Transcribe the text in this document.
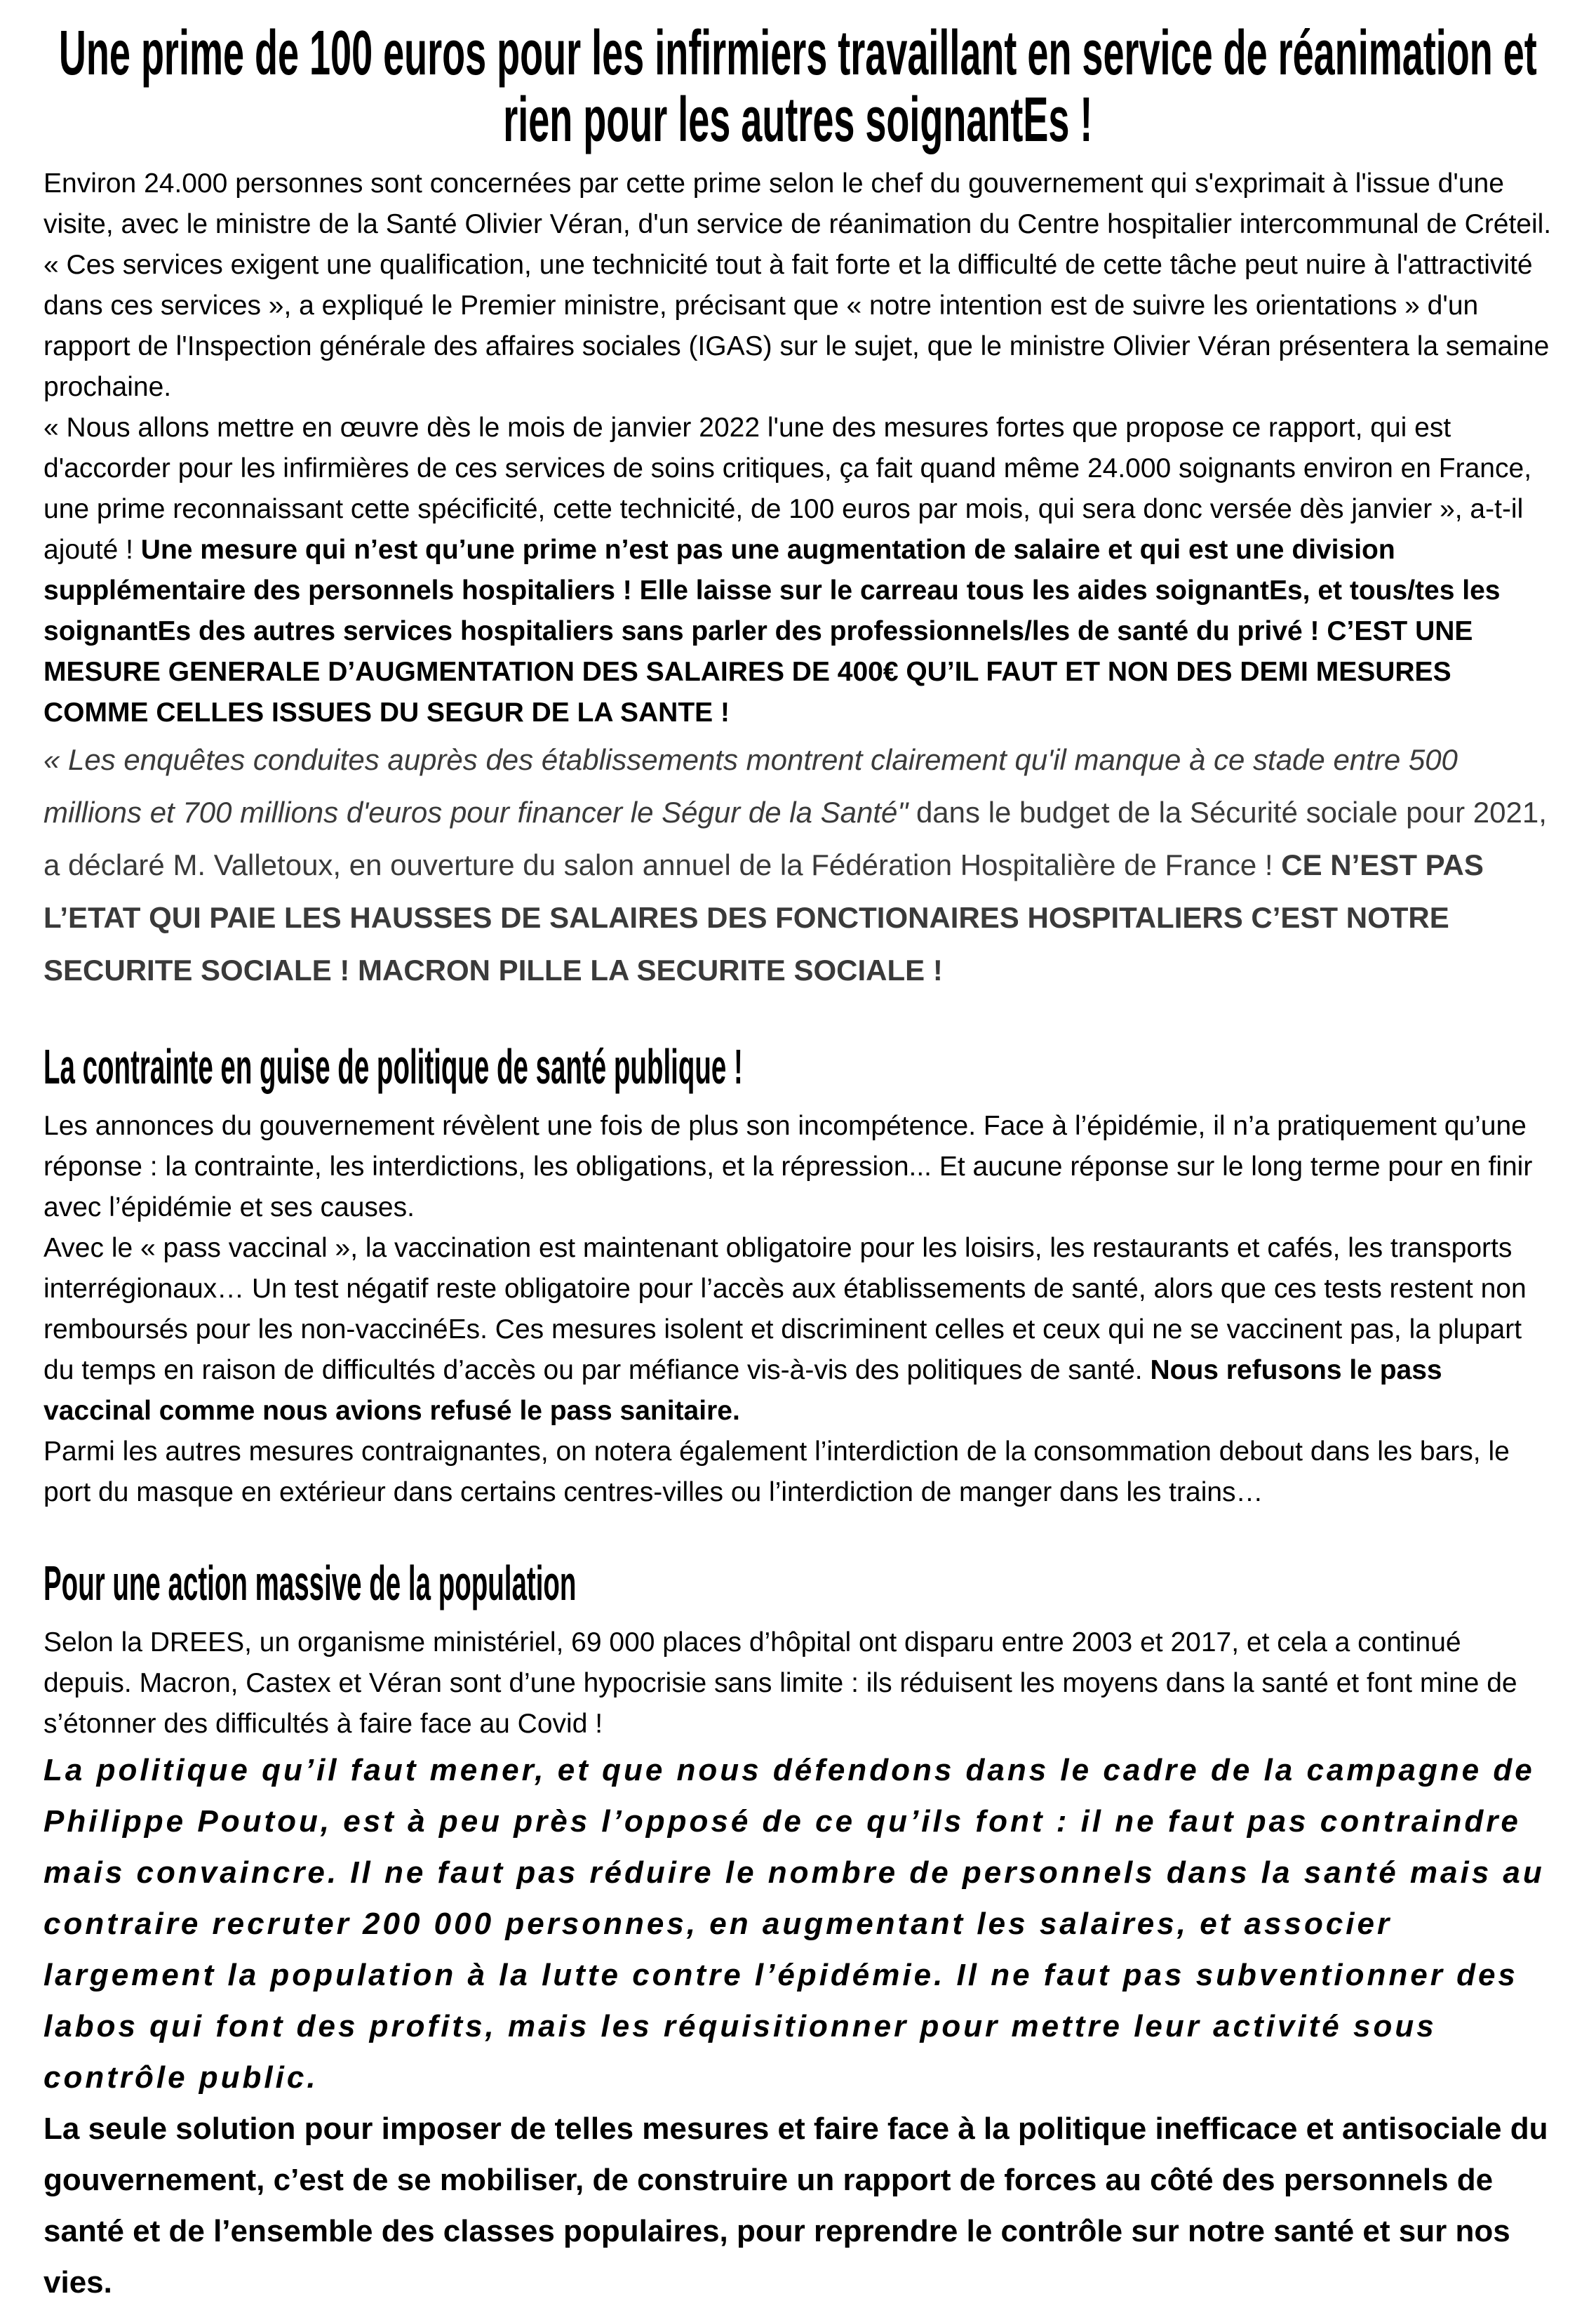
Une prime de 100 euros pour les infirmiers travaillant en service de réanimation et rien pour les autres soignantEs !

Environ 24.000 personnes sont concernées par cette prime selon le chef du gouvernement qui s'exprimait à l'issue d'une visite, avec le ministre de la Santé Olivier Véran, d'un service de réanimation du Centre hospitalier intercommunal de Créteil.

« Ces services exigent une qualification, une technicité tout à fait forte et la difficulté de cette tâche peut nuire à l'attractivité dans ces services », a expliqué le Premier ministre, précisant que « notre intention est de suivre les orientations » d'un rapport de l'Inspection générale des affaires sociales (IGAS) sur le sujet, que le ministre Olivier Véran présentera la semaine prochaine.

« Nous allons mettre en œuvre dès le mois de janvier 2022 l'une des mesures fortes que propose ce rapport, qui est d'accorder pour les infirmières de ces services de soins critiques, ça fait quand même 24.000 soignants environ en France, une prime reconnaissant cette spécificité, cette technicité, de 100 euros par mois, qui sera donc versée dès janvier », a-t-il ajouté ! Une mesure qui n’est qu’une prime n’est pas une augmentation de salaire et qui est une division supplémentaire des personnels hospitaliers ! Elle laisse sur le carreau tous les aides soignantEs, et tous/tes les soignantEs des autres services hospitaliers sans parler des professionnels/les de santé du privé ! C’EST UNE MESURE GENERALE D’AUGMENTATION DES SALAIRES DE 400€ QU’IL FAUT ET NON DES DEMI MESURES COMME CELLES ISSUES DU SEGUR DE LA SANTE !

« Les enquêtes conduites auprès des établissements montrent clairement qu'il manque à ce stade entre 500 millions et 700 millions d'euros pour financer le Ségur de la Santé" dans le budget de la Sécurité sociale pour 2021, a déclaré M. Valletoux, en ouverture du salon annuel de la Fédération Hospitalière de France ! CE N’EST PAS L’ETAT QUI PAIE LES HAUSSES DE SALAIRES DES FONCTIONAIRES HOSPITALIERS C’EST NOTRE SECURITE SOCIALE ! MACRON PILLE LA SECURITE SOCIALE !

La contrainte en guise de politique de santé publique !

Les annonces du gouvernement révèlent une fois de plus son incompétence. Face à l’épidémie, il n’a pratiquement qu’une réponse : la contrainte, les interdictions, les obligations, et la répression... Et aucune réponse sur le long terme pour en finir avec l’épidémie et ses causes.

Avec le « pass vaccinal », la vaccination est maintenant obligatoire pour les loisirs, les restaurants et cafés, les transports interrégionaux… Un test négatif reste obligatoire pour l’accès aux établissements de santé, alors que ces tests restent non remboursés pour les non-vaccinéEs. Ces mesures isolent et discriminent celles et ceux qui ne se vaccinent pas, la plupart du temps en raison de difficultés d’accès ou par méfiance vis-à-vis des politiques de santé. Nous refusons le pass vaccinal comme nous avions refusé le pass sanitaire.

Parmi les autres mesures contraignantes, on notera également l’interdiction de la consommation debout dans les bars, le port du masque en extérieur dans certains centres-villes ou l’interdiction de manger dans les trains…

Pour une action massive de la population

Selon la DREES, un organisme ministériel, 69 000 places d’hôpital ont disparu entre 2003 et 2017, et cela a continué depuis. Macron, Castex et Véran sont d’une hypocrisie sans limite : ils réduisent les moyens dans la santé et font mine de s’étonner des difficultés à faire face au Covid !

La politique qu’il faut mener, et que nous défendons dans le cadre de la campagne de Philippe Poutou, est à peu près l’opposé de ce qu’ils font : il ne faut pas contraindre mais convaincre. Il ne faut pas réduire le nombre de personnels dans la santé mais au contraire recruter 200 000 personnes, en augmentant les salaires, et associer largement la population à la lutte contre l’épidémie. Il ne faut pas subventionner des labos qui font des profits, mais les réquisitionner pour mettre leur activité sous contrôle public.

La seule solution pour imposer de telles mesures et faire face à la politique inefficace et antisociale du gouvernement, c’est de se mobiliser, de construire un rapport de forces au côté des personnels de santé et de l’ensemble des classes populaires, pour reprendre le contrôle sur notre santé et sur nos vies.
